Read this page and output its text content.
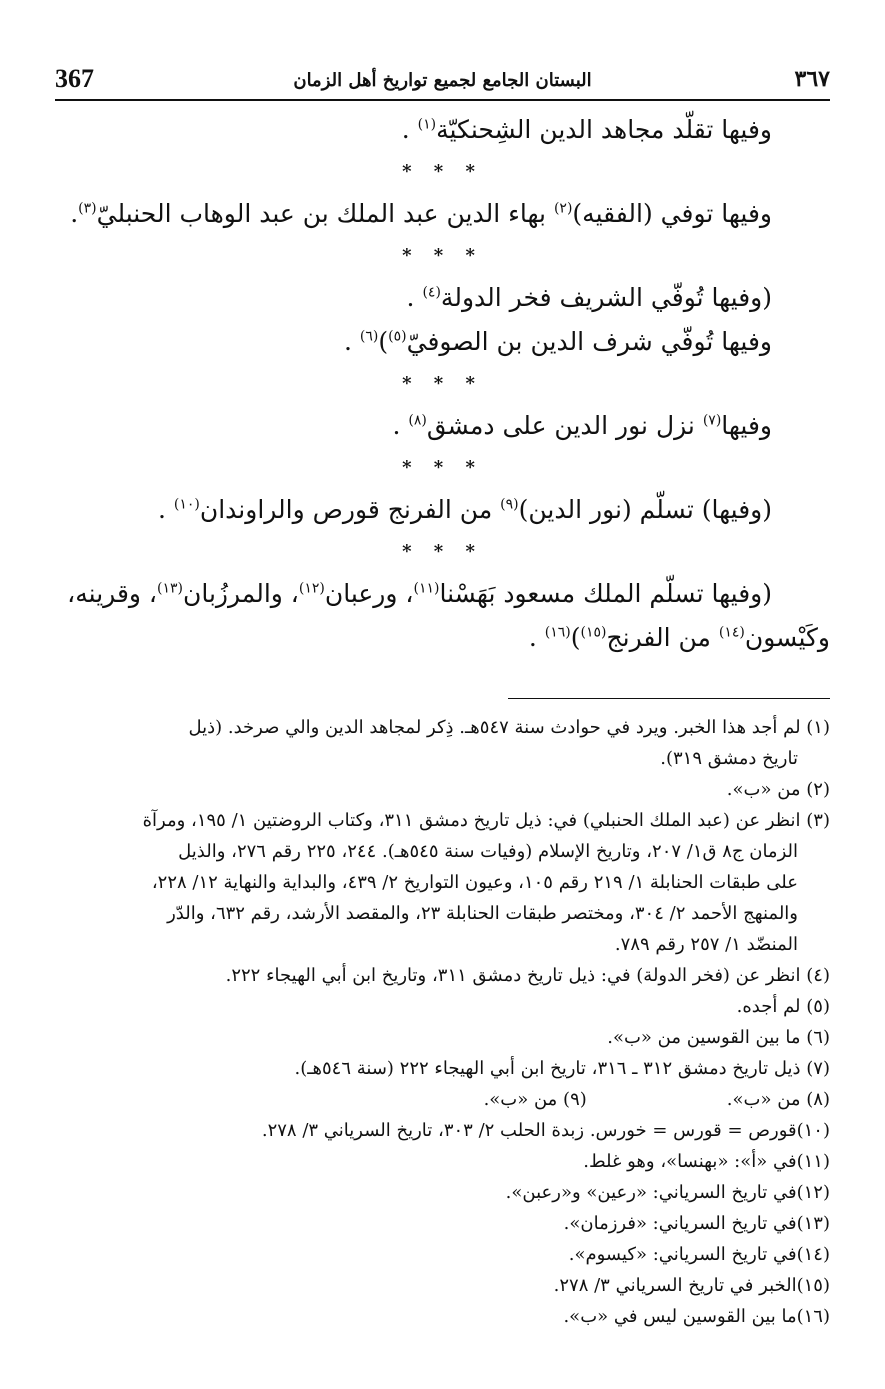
367	البستان الجامع لجميع تواريخ أهل الزمان	٣٦٧
وفيها تقلّد مجاهد الدين الشِحنكيّة$^{(١)}$ .
* * *
وفيها توفي (الفقيه)$^{(٢)}$ بهاء الدين عبد الملك بن عبد الوهاب الحنبليّ$^{(٣)}$.
* * *
(وفيها تُوفّي الشريف فخر الدولة$^{(٤)}$ .
وفيها تُوفّي شرف الدين بن الصوفيّ$^{(٥)}$)$^{(٦)}$ .
* * *
وفيها$^{(٧)}$ نزل نور الدين على دمشق$^{(٨)}$ .
* * *
(وفيها) تسلّم (نور الدين)$^{(٩)}$ من الفرنج قورص والراوندان$^{(١٠)}$ .
* * *
(وفيها تسلّم الملك مسعود بَهَسْنا$^{(١١)}$، ورعبان$^{(١٢)}$، والمرزُبان$^{(١٣)}$، وقرينه،
وكَيْسون$^{(١٤)}$ من الفرنج$^{(١٥)}$)$^{(١٦)}$ .

(١) لم أجد هذا الخبر. ويرد في حوادث سنة ٥٤٧هـ. ذِكر لمجاهد الدين والي صرخد. (ذيل
تاريخ دمشق ٣١٩).

(٢) من «ب».

(٣) انظر عن (عبد الملك الحنبلي) في: ذيل تاريخ دمشق ٣١١، وكتاب الروضتين ١/ ١٩٥، ومرآة
الزمان ج٨ ق١/ ٢٠٧، وتاريخ الإسلام (وفيات سنة ٥٤٥هـ). ٢٤٤، ٢٢٥ رقم ٢٧٦، والذيل
على طبقات الحنابلة ١/ ٢١٩ رقم ١٠٥، وعيون التواريخ ٢/ ٤٣٩، والبداية والنهاية ١٢/ ٢٢٨،
والمنهج الأحمد ٢/ ٣٠٤، ومختصر طبقات الحنابلة ٢٣، والمقصد الأرشد، رقم ٦٣٢، والدّر
المنضّد ١/ ٢٥٧ رقم ٧٨٩.

(٤) انظر عن (فخر الدولة) في: ذيل تاريخ دمشق ٣١١، وتاريخ ابن أبي الهيجاء ٢٢٢.

(٥) لم أجده.

(٦) ما بين القوسين من «ب».

(٧) ذيل تاريخ دمشق ٣١٢ ـ ٣١٦، تاريخ ابن أبي الهيجاء ٢٢٢ (سنة ٥٤٦هـ).

(٨) من «ب».
(٩) من «ب».

(١٠)قورص = قورس = خورس. زبدة الحلب ٢/ ٣٠٣، تاريخ السرياني ٣/ ٢٧٨.

(١١)في «أ»: «بهنسا»، وهو غلط.

(١٢)في تاريخ السرياني: «رعين» و«رعبن».

(١٣)في تاريخ السرياني: «فرزمان».

(١٤)في تاريخ السرياني: «كيسوم».

(١٥)الخبر في تاريخ السرياني ٣/ ٢٧٨.

(١٦)ما بين القوسين ليس في «ب».
